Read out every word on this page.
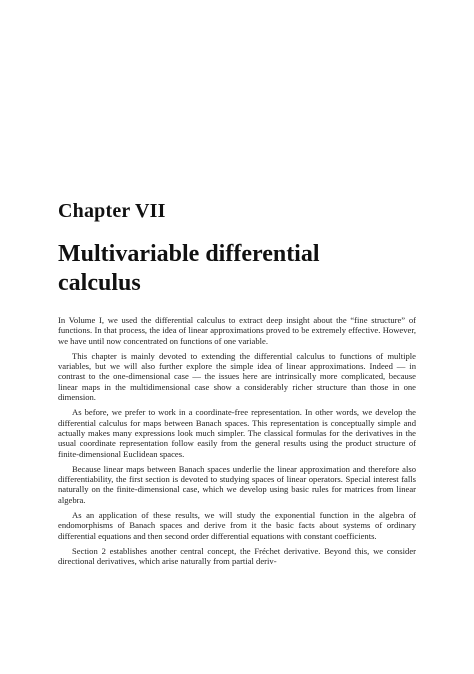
Chapter VII
Multivariable differential calculus

In Volume I, we used the differential calculus to extract deep insight about the “fine structure” of functions. In that process, the idea of linear approximations proved to be extremely effective. However, we have until now concentrated on functions of one variable.

This chapter is mainly devoted to extending the differential calculus to functions of multiple variables, but we will also further explore the simple idea of linear approximations. Indeed — in contrast to the one-dimensional case — the issues here are intrinsically more complicated, because linear maps in the multidimensional case show a considerably richer structure than those in one dimension.

As before, we prefer to work in a coordinate-free representation. In other words, we develop the differential calculus for maps between Banach spaces. This representation is conceptually simple and actually makes many expressions look much simpler. The classical formulas for the derivatives in the usual coordinate representation follow easily from the general results using the product structure of finite-dimensional Euclidean spaces.

Because linear maps between Banach spaces underlie the linear approximation and therefore also differentiability, the first section is devoted to studying spaces of linear operators. Special interest falls naturally on the finite-dimensional case, which we develop using basic rules for matrices from linear algebra.

As an application of these results, we will study the exponential function in the algebra of endomorphisms of Banach spaces and derive from it the basic facts about systems of ordinary differential equations and then second order differential equations with constant coefficients.

Section 2 establishes another central concept, the Fréchet derivative. Beyond this, we consider directional derivatives, which arise naturally from partial deriv-
